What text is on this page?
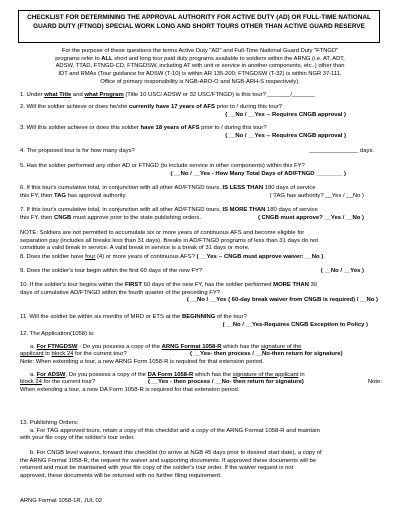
CHECKLIST FOR DETERMINING THE APPROVAL AUTHORITY FOR ACTIVE DUTY (AD) OR FULL-TIME NATIONAL
GUARD DUTY (FTNGD) SPECIAL WORK LONG AND SHORT TOURS OTHER THAN ACTIVE GUARD RESERVE
For the purpose of these questions the terms Active Duty "AD" and Full-Time National Guard Duty "FTNGD"
programs refer to ALL short and long tour paid duty programs available to soldiers within the ARNG (i.e. AT, ADT,
ADSW, TTAD, FTNGD-CD, FTNGDSW, including AT with unit or service in another components, etc..) other than
IDT and RMAs (Tour guidance for ADSW (T-10) is within AR 135-200; FTNGDSW (T-32) is within NGR 37-111,
Office of primary responsibility is NGB-ARO-O and NGB-ARH-S respectively).
1. Under what Title and what Program (Title 10 USC/ ADSW or 32 USC/FTNGD) is this tour? _______/_______
2. Will the soldier achieve or does he/she currently have 17 years of AFS prior to / during this tour?
( __No / __Yes -- Requires CNGB approval )
3. Will this soldier achieve or does this soldier have 18 years of AFS prior to / during this tour?
( __No / __Yes -- Requires CNGB approval )
4. The proposed tour is for how many days?	_______________ days.
5. Has the soldier performed any other AD or FTNGD (to include service in other components) within this FY?
( __No / __Yes - How Many Total Days of AD/FTNGD ________ )
6. If this tour's cumulative total, in conjunction with all other AD/FTNGD tours, IS LESS THAN 180 days of service
this FY, then TAG has approval authority.	( TAG has authority? __Yes / __No )
7. If this tour's cumulative total, in conjunction with all other AD/FTNGD tours, IS MORE THAN 180 days of service
this FY, then CNGB must approve prior to the state publishing orders.	( CNGB must approve? __Yes / __No )
NOTE: Soldiers are not permitted to accumulate six or more years of continuous AFS and become eligible for
separation pay (includes all breaks less than 31 days). Breaks in AD/FTNGD programs of less than 31 days do not
constitute a valid break in service. A valid break in service is a break of 31 days or more.
8. Does the soldier have four (4) or more years of continuous AFS? ( __Yes -- CNGB must approve waiver: __No )
9. Does the soldier's tour begin within the first 60 days of the new FY?	( __No / __Yes )
10. If the soldier's tour begins within the FIRST 60 days of the new FY, has the soldier performed MORE THAN 30
days of cumulative AD/FTNGD within the fourth quarter of the preceding FY?
( __No / __Yes ( 60-day break waiver from CNGB is required) / __No )
11. Will the soldier be within six months of MRD or ETS at the BEGINNING of the tour?
( __No / __Yes-Requires CNGB Exception to Policy )
12. The Application(1058) is:
a. For FTNGDSW - Do you possess a copy of the ARNG Format 1058-R which has the signature of the
applicant in block 24 for the current tour?	( __Yes- then process / __No-then return for signature)
Note: When extending a tour, a new ARNG Form 1058-R is required for that extension period.
a. For ADSW, Do you possess a copy of the DA Form 1058-R which has the signature of the applicant in
block 24 for the current tour?	( __Yes - then process / __No- then return for signature)	Note:
When extending a tour, a new DA Form 1058-R is required for that extension period.
13. Publishing Orders:
a. For TAG approved tours, retain a copy of this checklist and a copy of the ARNG Format 1058-R and maintain
with your file copy of the soldier's tour order.
b. For CNGB level waivers, forward this checklist (to arrive at NGB 45 days prior to desired start date), a copy of
the ARNG Format 1058-R, the request for waiver and supporting documents. If approved these documents will be
returned and must be maintained with your file copy of the soldier's tour order. If the waiver request is not
approved, these documents will be returned with no further filing requirement.
ARNG Format 1058-1R, JUL 02
